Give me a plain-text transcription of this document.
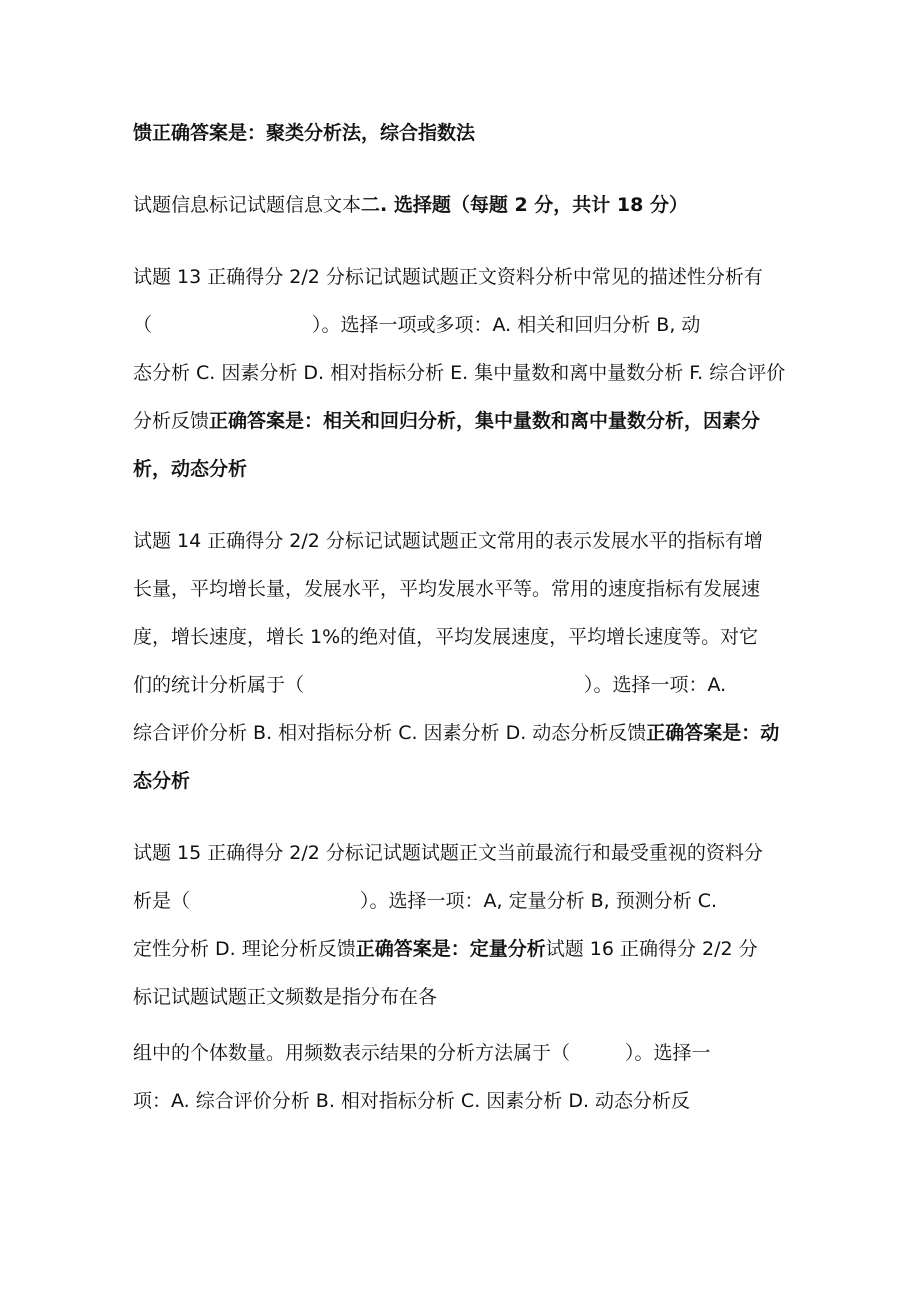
馈正确答案是：聚类分析法，综合指数法
试题信息标记试题信息文本二. 选择题（每题 2 分，共计 18 分）
试题 13 正确得分 2/2 分标记试题试题正文资料分析中常见的描述性分析有
（	）。选择一项或多项：A. 相关和回归分析 B, 动
态分析 C. 因素分析 D. 相对指标分析 E. 集中量数和离中量数分析 F. 综合评价
分析反馈正确答案是：相关和回归分析，集中量数和离中量数分析，因素分
析，动态分析
试题 14 正确得分 2/2 分标记试题试题正文常用的表示发展水平的指标有增
长量，平均增长量，发展水平，平均发展水平等。常用的速度指标有发展速
度，增长速度，增长 1%的绝对值，平均发展速度，平均增长速度等。对它
们的统计分析属于（	）。选择一项：A.
综合评价分析 B. 相对指标分析 C. 因素分析 D. 动态分析反馈正确答案是：动
态分析
试题 15 正确得分 2/2 分标记试题试题正文当前最流行和最受重视的资料分
析是（	）。选择一项：A, 定量分析 B, 预测分析 C.
定性分析 D. 理论分析反馈正确答案是：定量分析试题 16 正确得分 2/2 分
标记试题试题正文频数是指分布在各
组中的个体数量。用频数表示结果的分析方法属于（	）。选择一
项：A. 综合评价分析 B. 相对指标分析 C. 因素分析 D. 动态分析反
